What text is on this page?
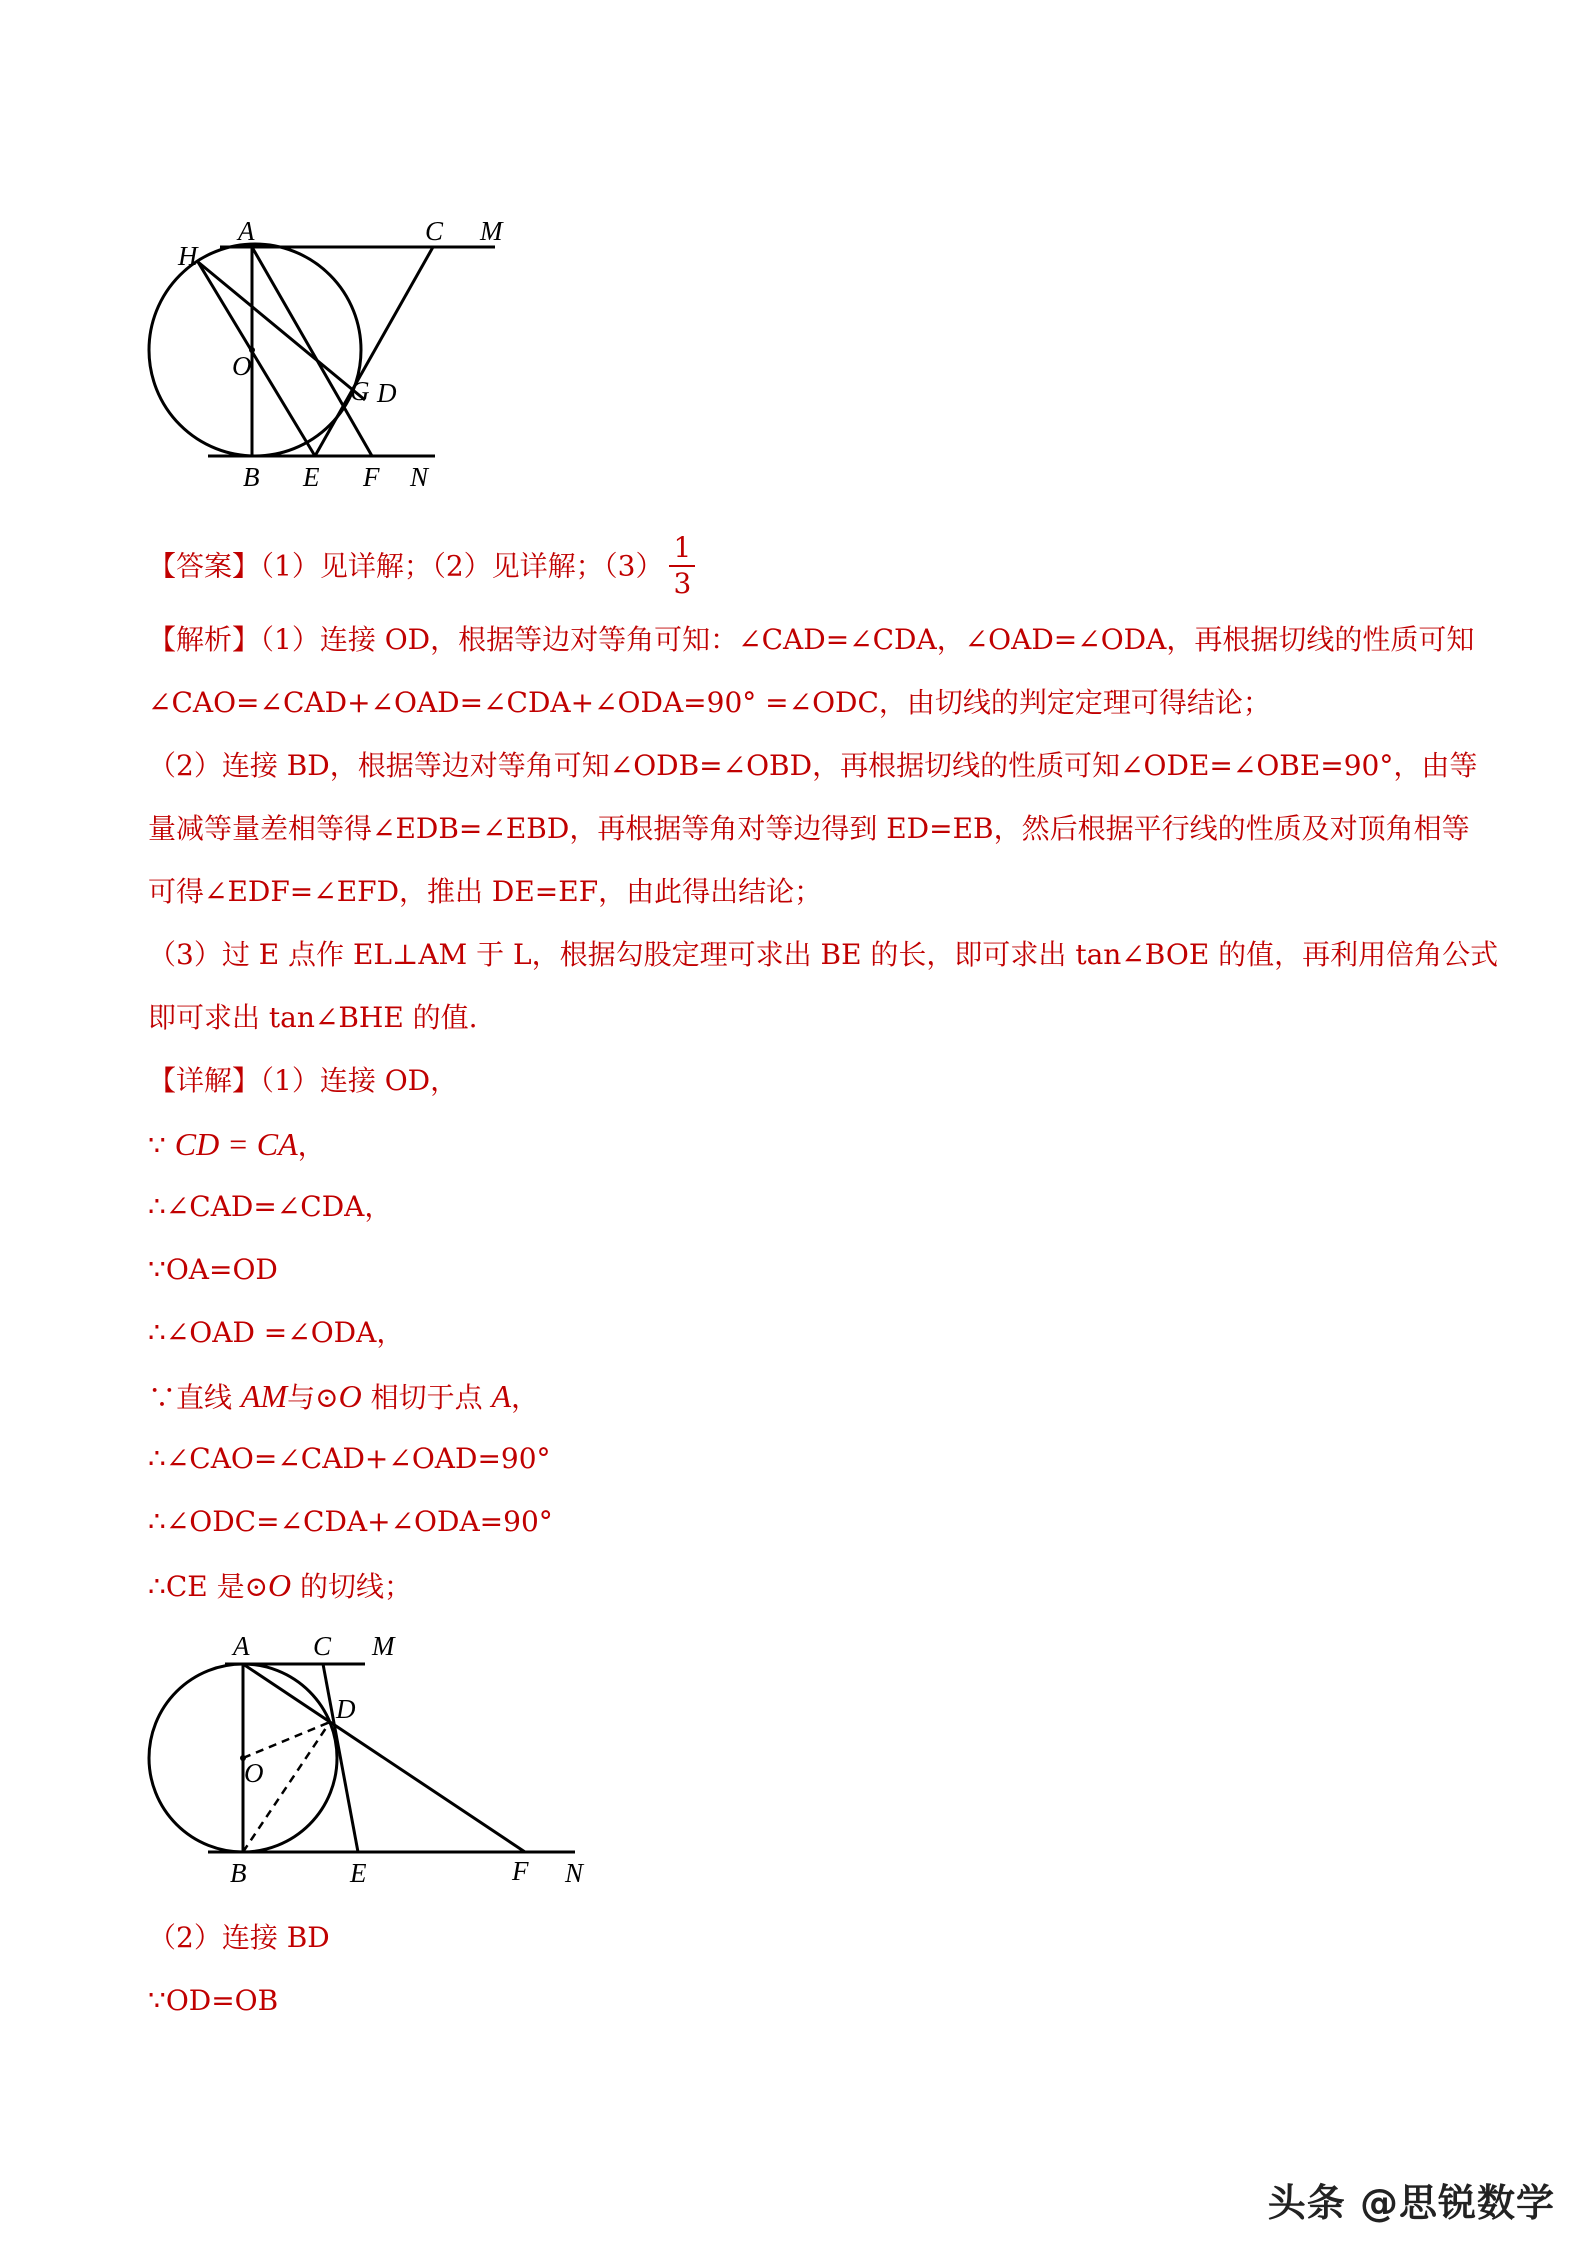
H
A	C M
O
G D
B E F N
【答案】（1）见详解；（2）见详解；$(3) \frac{1}{3}$
【解析】（1）连接 OD，根据等边对等角可知：∠CAD=∠CDA，∠OAD=∠ODA，再根据切线的性质可知
∠CAO=∠CAD+∠OAD=∠CDA+∠ODA=90° =∠ODC，由切线的判定定理可得结论；
（2）连接 BD，根据等边对等角可知∠ODB=∠OBD，再根据切线的性质可知∠ODE=∠OBE=90°，由等
量减等量差相等得∠EDB=∠EBD，再根据等角对等边得到 ED=EB，然后根据平行线的性质及对顶角相等
可得∠EDF=∠EFD，推出 DE=EF，由此得出结论；
（3）过 E 点作 EL⊥AM 于 L，根据勾股定理可求出 BE 的长，即可求出 tan∠BOE 的值，再利用倍角公式
即可求出 tan∠BHE 的值.
【详解】（1）连接 OD，
∵ CD = CA，
∴∠CAD=∠CDA，
∵OA=OD
∴∠OAD =∠ODA，
∵直线 AM与⊙O 相切于点 A，
∴∠CAO=∠CAD+∠OAD=90°
∴∠ODC=∠CDA+∠ODA=90°
∴CE 是⊙O 的切线；
A C M
D
O
B	E	F N
（2）连接 BD
∵OD=OB
头条 @思锐数学
